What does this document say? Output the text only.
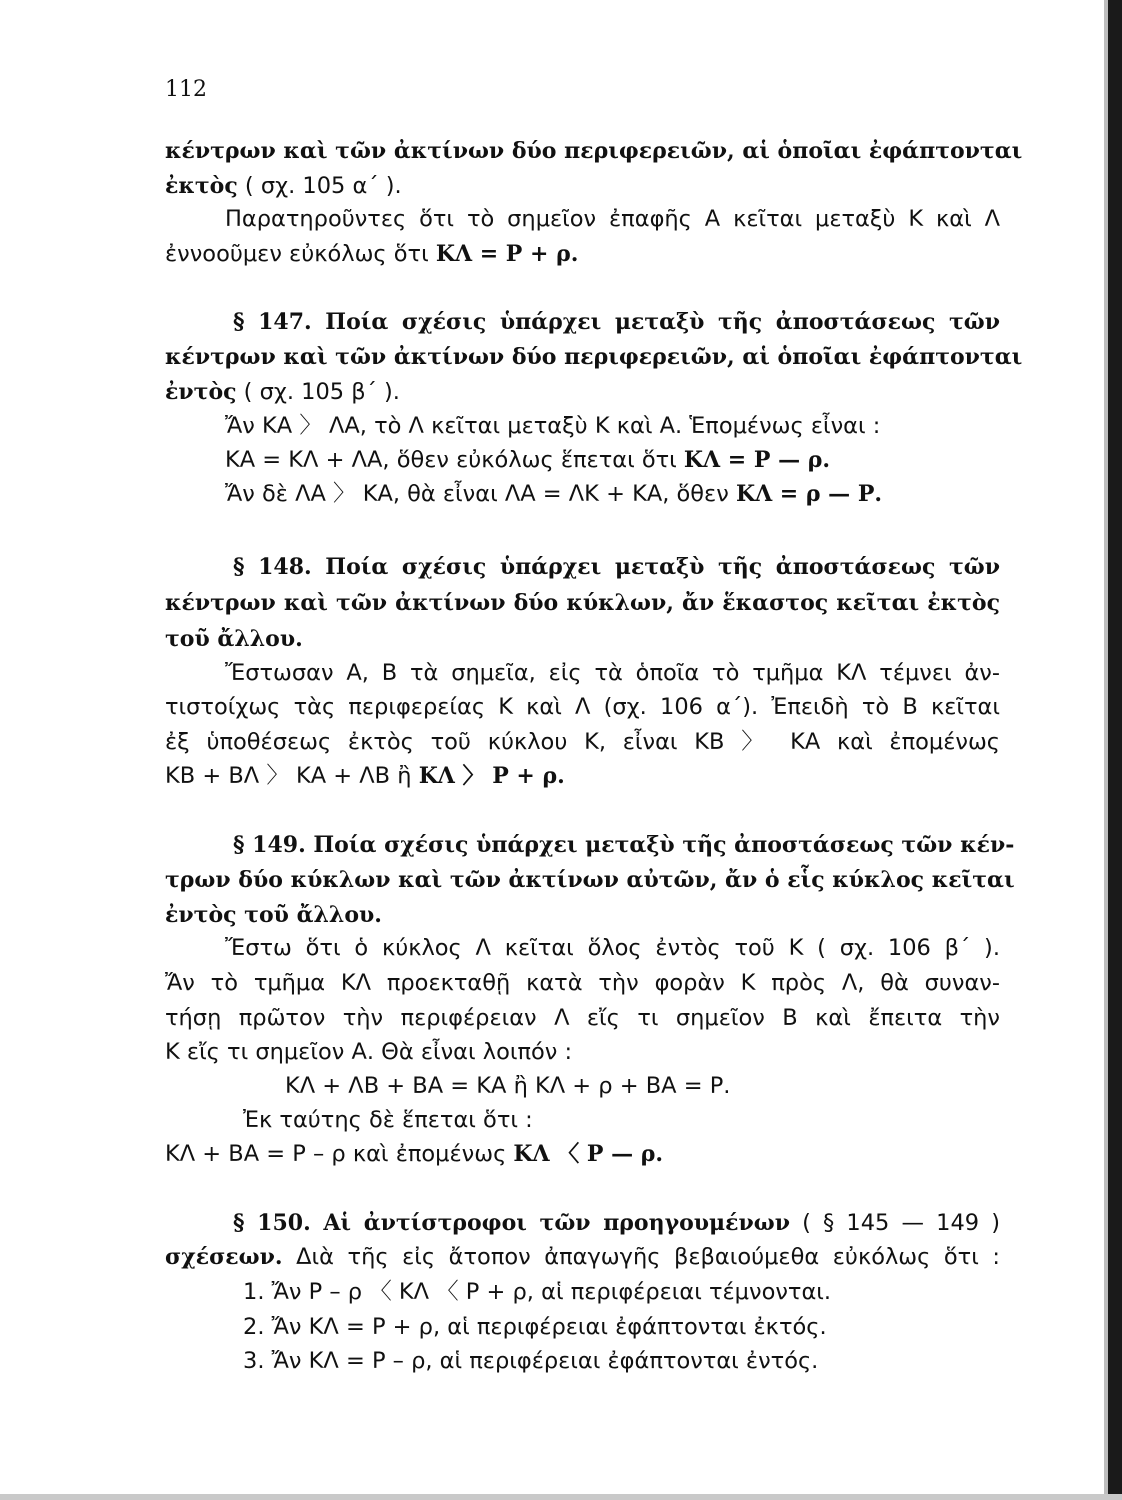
112
κέντρων καὶ τῶν ἀκτίνων δύο περιφερειῶν, αἱ ὁποῖαι ἐφάπτονται
ἐκτὸς ( σχ. 105 α΄ ).
Παρατηροῦντες ὅτι τὸ σημεῖον ἐπαφῆς Α κεῖται μεταξὺ Κ καὶ Λ
ἐννοοῦμεν εὐκόλως ὅτι ΚΛ = Ρ + ρ.
§ 147. Ποία σχέσις ὑπάρχει μεταξὺ τῆς ἀποστάσεως τῶν
κέντρων καὶ τῶν ἀκτίνων δύο περιφερειῶν, αἱ ὁποῖαι ἐφάπτονται
ἐντὸς ( σχ. 105 β΄ ).
Ἄν ΚΑ 〉 ΛΑ, τὸ Λ κεῖται μεταξὺ Κ καὶ Α. Ἑπομένως εἶναι :
ΚΑ = ΚΛ + ΛΑ, ὅθεν εὐκόλως ἕπεται ὅτι ΚΛ = Ρ — ρ.
Ἄν δὲ ΛΑ 〉 ΚΑ, θὰ εἶναι ΛΑ = ΛΚ + ΚΑ, ὅθεν ΚΛ = ρ — Ρ.
§ 148. Ποία σχέσις ὑπάρχει μεταξὺ τῆς ἀποστάσεως τῶν
κέντρων καὶ τῶν ἀκτίνων δύο κύκλων, ἄν ἕκαστος κεῖται ἐκτὸς
τοῦ ἄλλου.
Ἔστωσαν Α, Β τὰ σημεῖα, εἰς τὰ ὁποῖα τὸ τμῆμα ΚΛ τέμνει ἀν-
τιστοίχως τὰς περιφερείας Κ καὶ Λ (σχ. 106 α΄). Ἐπειδὴ τὸ Β κεῖται
ἐξ ὑποθέσεως ἐκτὸς τοῦ κύκλου Κ, εἶναι ΚΒ 〉 ΚΑ καὶ ἐπομένως
ΚΒ + ΒΛ 〉 ΚΑ + ΛΒ ἢ ΚΛ 〉 Ρ + ρ.
§ 149. Ποία σχέσις ὑπάρχει μεταξὺ τῆς ἀποστάσεως τῶν κέν-
τρων δύο κύκλων καὶ τῶν ἀκτίνων αὐτῶν, ἄν ὁ εἷς κύκλος κεῖται
ἐντὸς τοῦ ἄλλου.
Ἔστω ὅτι ὁ κύκλος Λ κεῖται ὅλος ἐντὸς τοῦ Κ ( σχ. 106 β΄ ).
Ἄν τὸ τμῆμα ΚΛ προεκταθῇ κατὰ τὴν φορὰν Κ πρὸς Λ, θὰ συναν-
τήσῃ πρῶτον τὴν περιφέρειαν Λ εἴς τι σημεῖον Β καὶ ἔπειτα τὴν
Κ εἴς τι σημεῖον Α. Θὰ εἶναι λοιπόν :
ΚΛ + ΛΒ + ΒΑ = ΚΑ ἢ ΚΛ + ρ + ΒΑ = Ρ.
Ἐκ ταύτης δὲ ἕπεται ὅτι :
ΚΛ + ΒΑ = Ρ – ρ καὶ ἐπομένως ΚΛ 〈 Ρ — ρ.
§ 150. Αἱ ἀντίστροφοι τῶν προηγουμένων ( § 145 — 149 )
σχέσεων. Διὰ τῆς εἰς ἄτοπον ἀπαγωγῆς βεβαιούμεθα εὐκόλως ὅτι :
1. Ἄν Ρ – ρ 〈 ΚΛ 〈 Ρ + ρ, αἱ περιφέρειαι τέμνονται.
2. Ἄν ΚΛ = Ρ + ρ, αἱ περιφέρειαι ἐφάπτονται ἐκτός.
3. Ἄν ΚΛ = Ρ – ρ, αἱ περιφέρειαι ἐφάπτονται ἐντός.
